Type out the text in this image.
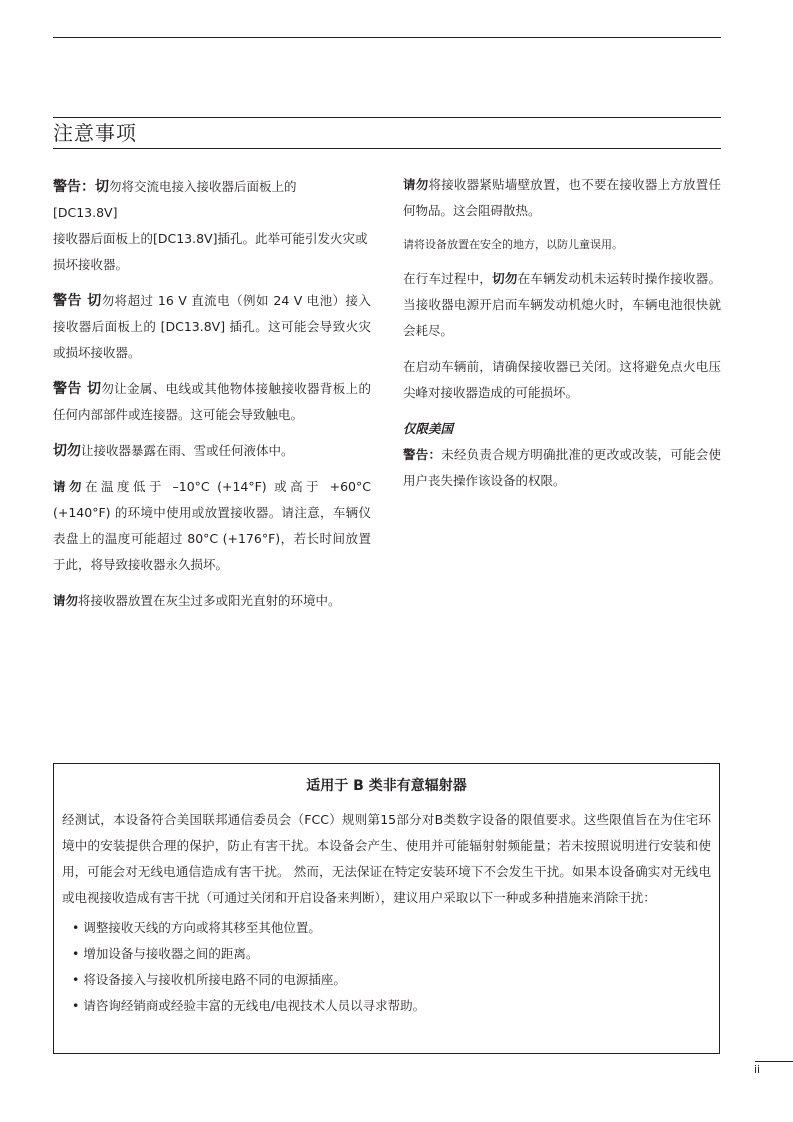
注意事项

警告：切勿将交流电接入接收器后面板上的
[DC13.8V]
接收器后面板上的[DC13.8V]插孔。此举可能引发火灾或损坏接收器。

警告 切勿将超过 16 V 直流电（例如 24 V 电池）接入接收器后面板上的 [DC13.8V] 插孔。这可能会导致火灾或损坏接收器。

警告 切勿让金属、电线或其他物体接触接收器背板上的任何内部部件或连接器。这可能会导致触电。

切勿让接收器暴露在雨、雪或任何液体中。

请勿在温度低于 –10°C (+14°F) 或高于 +60°C (+140°F) 的环境中使用或放置接收器。请注意，车辆仪表盘上的温度可能超过 80°C (+176°F)，若长时间放置于此，将导致接收器永久损坏。

请勿将接收器放置在灰尘过多或阳光直射的环境中。

请勿将接收器紧贴墙壁放置，也不要在接收器上方放置任何物品。这会阻碍散热。

请将设备放置在安全的地方，以防儿童误用。

在行车过程中，切勿在车辆发动机未运转时操作接收器。当接收器电源开启而车辆发动机熄火时，车辆电池很快就会耗尽。

在启动车辆前，请确保接收器已关闭。这将避免点火电压尖峰对接收器造成的可能损坏。

仅限美国

警告：未经负责合规方明确批准的更改或改装，可能会使用户丧失操作该设备的权限。

适用于 B 类非有意辐射器
经测试，本设备符合美国联邦通信委员会（FCC）规则第15部分对B类数字设备的限值要求。这些限值旨在为住宅环境中的安装提供合理的保护，防止有害干扰。本设备会产生、使用并可能辐射射频能量；若未按照说明进行安装和使用，可能会对无线电通信造成有害干扰。 然而，无法保证在特定安装环境下不会发生干扰。如果本设备确实对无线电或电视接收造成有害干扰（可通过关闭和开启设备来判断），建议用户采取以下一种或多种措施来消除干扰：
• 调整接收天线的方向或将其移至其他位置。
• 增加设备与接收器之间的距离。
• 将设备接入与接收机所接电路不同的电源插座。
• 请咨询经销商或经验丰富的无线电/电视技术人员以寻求帮助。
ii
